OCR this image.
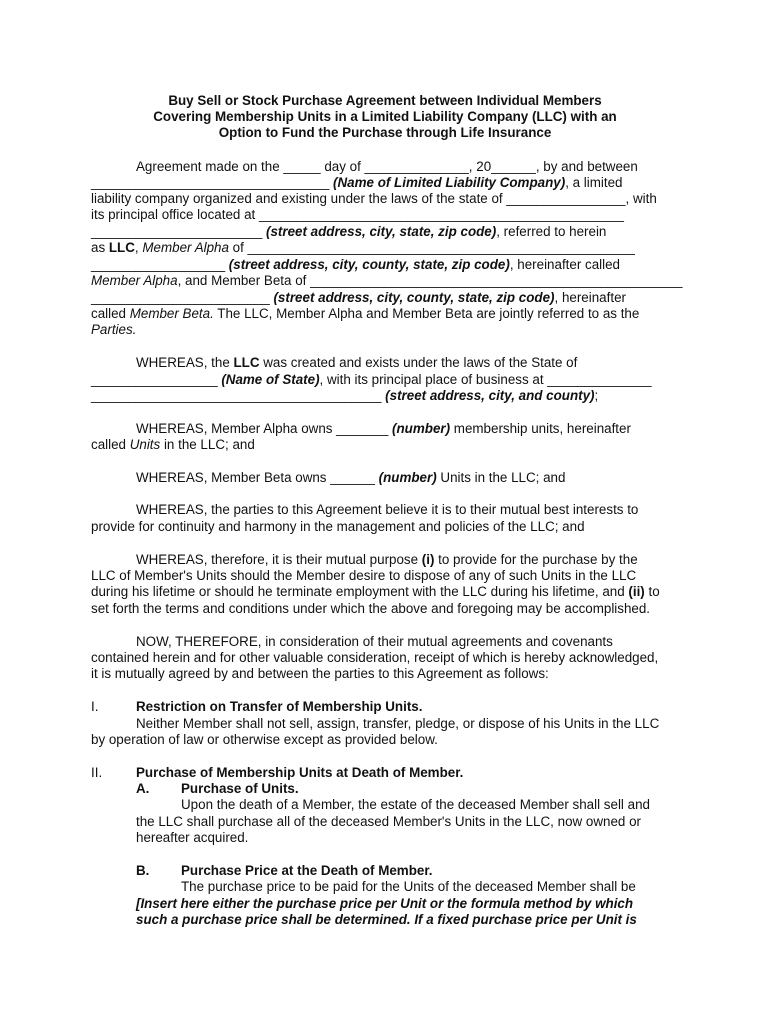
Buy Sell or Stock Purchase Agreement between Individual Members
Covering Membership Units in a Limited Liability Company (LLC) with an
Option to Fund the Purchase through Life Insurance
Agreement made on the _____ day of ______________, 20______, by and between
________________________________ (Name of Limited Liability Company), a limited
liability company organized and existing under the laws of the state of ________________, with
its principal office located at _________________________________________________
_______________________ (street address, city, state, zip code), referred to herein
as LLC, Member Alpha of ____________________________________________________
__________________ (street address, city, county, state, zip code), hereinafter called
Member Alpha, and Member Beta of __________________________________________________
________________________ (street address, city, county, state, zip code), hereinafter
called Member Beta. The LLC, Member Alpha and Member Beta are jointly referred to as the
Parties.
WHEREAS, the LLC was created and exists under the laws of the State of
_________________ (Name of State), with its principal place of business at ______________
_______________________________________ (street address, city, and county);
WHEREAS, Member Alpha owns _______ (number) membership units, hereinafter
called Units in the LLC; and
WHEREAS, Member Beta owns ______ (number) Units in the LLC; and
WHEREAS, the parties to this Agreement believe it is to their mutual best interests to
provide for continuity and harmony in the management and policies of the LLC; and
WHEREAS, therefore, it is their mutual purpose (i) to provide for the purchase by the
LLC of Member's Units should the Member desire to dispose of any of such Units in the LLC
during his lifetime or should he terminate employment with the LLC during his lifetime, and (ii) to
set forth the terms and conditions under which the above and foregoing may be accomplished.
NOW, THEREFORE, in consideration of their mutual agreements and covenants
contained herein and for other valuable consideration, receipt of which is hereby acknowledged,
it is mutually agreed by and between the parties to this Agreement as follows:
I.	Restriction on Transfer of Membership Units.
Neither Member shall not sell, assign, transfer, pledge, or dispose of his Units in the LLC
by operation of law or otherwise except as provided below.
II.	Purchase of Membership Units at Death of Member.
A. Purchase of Units.
Upon the death of a Member, the estate of the deceased Member shall sell and
the LLC shall purchase all of the deceased Member's Units in the LLC, now owned or
hereafter acquired.
B. Purchase Price at the Death of Member.
The purchase price to be paid for the Units of the deceased Member shall be
[Insert here either the purchase price per Unit or the formula method by which
such a purchase price shall be determined. If a fixed purchase price per Unit is
